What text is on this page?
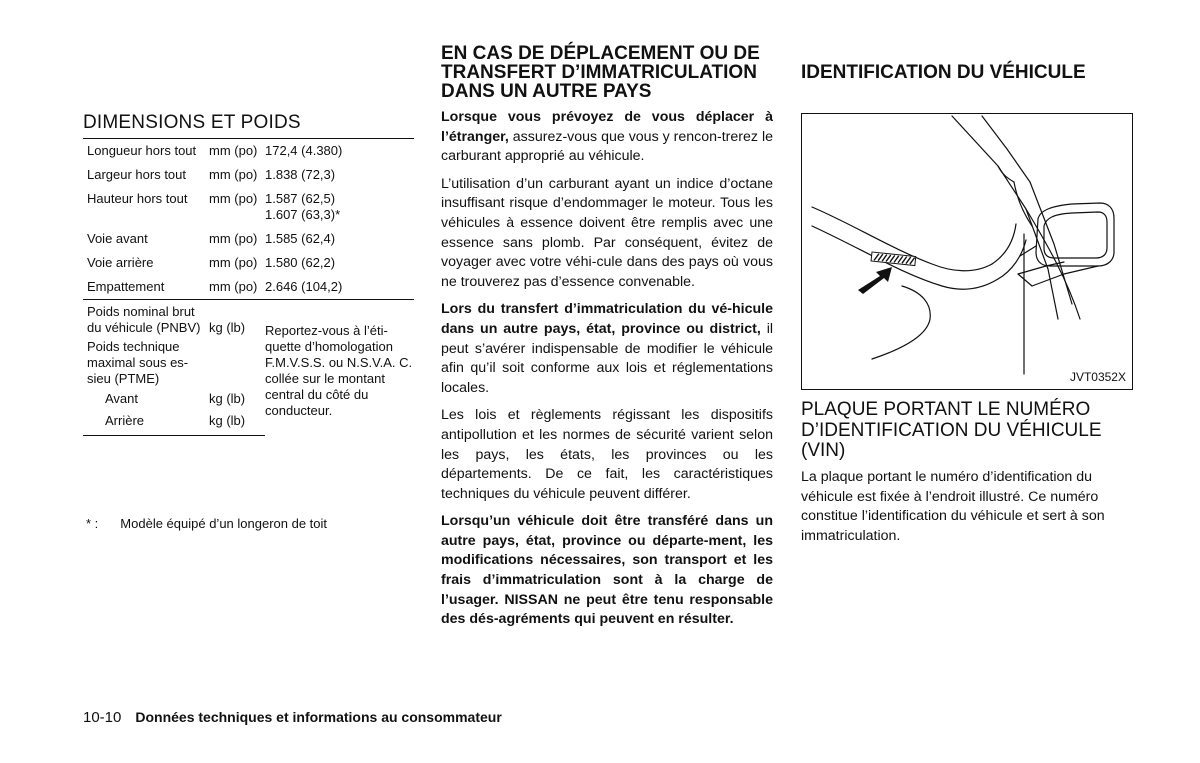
DIMENSIONS ET POIDS
Longueur hors tout	mm (po)	172,4 (4.380)
Largeur hors tout	mm (po)	1.838 (72,3)
Hauteur hors tout	mm (po)	1.587 (62,5)
1.607 (63,3)*
Voie avant	mm (po)	1.585 (62,4)
Voie arrière	mm (po)	1.580 (62,2)
Empattement	mm (po)	2.646 (104,2)
Poids nominal brut du véhicule (PNBV)	kg (lb)	Reportez-vous à l’éti-quette d’homologation F.M.V.S.S. ou N.S.V.A. C. collée sur le montant central du côté du conducteur.
Poids technique maximal sous es-sieu (PTME)		
Avant	kg (lb)	
Arrière	kg (lb)	
* : Modèle équipé d’un longeron de toit
EN CAS DE DÉPLACEMENT OU DE TRANSFERT D’IMMATRICULATION DANS UN AUTRE PAYS

Lorsque vous prévoyez de vous déplacer à l’étranger, assurez-vous que vous y rencon-trerez le carburant approprié au véhicule.

L’utilisation d’un carburant ayant un indice d’octane insuffisant risque d’endommager le moteur. Tous les véhicules à essence doivent être remplis avec une essence sans plomb. Par conséquent, évitez de voyager avec votre véhi-cule dans des pays où vous ne trouverez pas d’essence convenable.

Lors du transfert d’immatriculation du vé-hicule dans un autre pays, état, province ou district, il peut s’avérer indispensable de modifier le véhicule afin qu’il soit conforme aux lois et réglementations locales.

Les lois et règlements régissant les dispositifs antipollution et les normes de sécurité varient selon les pays, les états, les provinces ou les départements. De ce fait, les caractéristiques techniques du véhicule peuvent différer.

Lorsqu’un véhicule doit être transféré dans un autre pays, état, province ou départe-ment, les modifications nécessaires, son transport et les frais d’immatriculation sont à la charge de l’usager. NISSAN ne peut être tenu responsable des dés-agréments qui peuvent en résulter.

IDENTIFICATION DU VÉHICULE
JVT0352X
PLAQUE PORTANT LE NUMÉRO D’IDENTIFICATION DU VÉHICULE (VIN)

La plaque portant le numéro d’identification du véhicule est fixée à l’endroit illustré. Ce numéro constitue l’identification du véhicule et sert à son immatriculation.

10-10 Données techniques et informations au consommateur
